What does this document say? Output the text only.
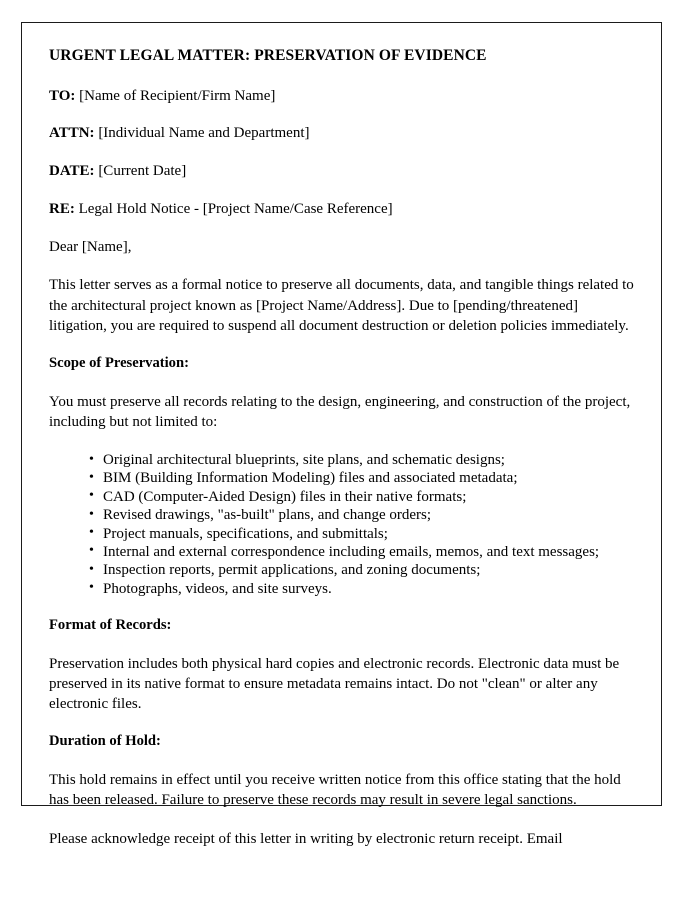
URGENT LEGAL MATTER: PRESERVATION OF EVIDENCE
TO: [Name of Recipient/Firm Name]
ATTN: [Individual Name and Department]
DATE: [Current Date]
RE: Legal Hold Notice - [Project Name/Case Reference]
Dear [Name],

This letter serves as a formal notice to preserve all documents, data, and tangible things related to the architectural project known as [Project Name/Address]. Due to [pending/threatened] litigation, you are required to suspend all document destruction or deletion policies immediately.

Scope of Preservation:

You must preserve all records relating to the design, engineering, and construction of the project, including but not limited to:

• Original architectural blueprints, site plans, and schematic designs;
• BIM (Building Information Modeling) files and associated metadata;
• CAD (Computer-Aided Design) files in their native formats;
• Revised drawings, "as-built" plans, and change orders;
• Project manuals, specifications, and submittals;
• Internal and external correspondence including emails, memos, and text messages;
• Inspection reports, permit applications, and zoning documents;
• Photographs, videos, and site surveys.
Format of Records:

Preservation includes both physical hard copies and electronic records. Electronic data must be preserved in its native format to ensure metadata remains intact. Do not "clean" or alter any electronic files.

Duration of Hold:

This hold remains in effect until you receive written notice from this office stating that the hold has been released. Failure to preserve these records may result in severe legal sanctions.

Please acknowledge receipt of this letter in writing by electronic return receipt. Email
